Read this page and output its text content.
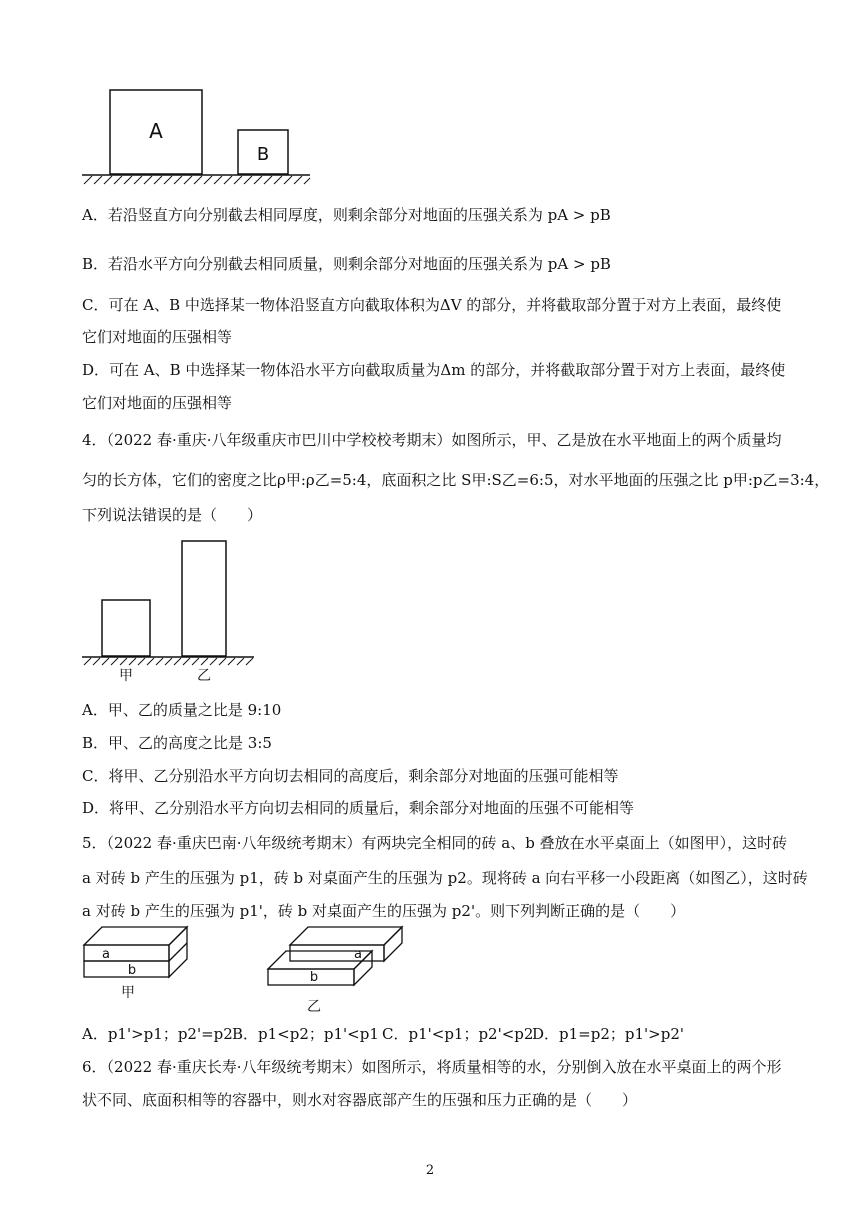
A
B
A．若沿竖直方向分别截去相同厚度，则剩余部分对地面的压强关系为 pA > pB
B．若沿水平方向分别截去相同质量，则剩余部分对地面的压强关系为 pA > pB
C．可在 A、B 中选择某一物体沿竖直方向截取体积为ΔV 的部分，并将截取部分置于对方上表面，最终使
它们对地面的压强相等
D．可在 A、B 中选择某一物体沿水平方向截取质量为Δm 的部分，并将截取部分置于对方上表面，最终使
它们对地面的压强相等
4．（2022 春·重庆·八年级重庆市巴川中学校校考期末）如图所示，甲、乙是放在水平地面上的两个质量均
匀的长方体，它们的密度之比ρ甲:ρ乙=5:4，底面积之比 S甲:S乙=6:5，对水平地面的压强之比 p甲:p乙=3:4，
下列说法错误的是（　　）
甲	乙
A．甲、乙的质量之比是 9:10
B．甲、乙的高度之比是 3:5
C．将甲、乙分别沿水平方向切去相同的高度后，剩余部分对地面的压强可能相等
D．将甲、乙分别沿水平方向切去相同的质量后，剩余部分对地面的压强不可能相等
5．（2022 春·重庆巴南·八年级统考期末）有两块完全相同的砖 a、b 叠放在水平桌面上（如图甲），这时砖
a 对砖 b 产生的压强为 p1，砖 b 对桌面产生的压强为 p2。现将砖 a 向右平移一小段距离（如图乙），这时砖
a 对砖 b 产生的压强为 p1'，砖 b 对桌面产生的压强为 p2'。则下列判断正确的是（　　）
a
b
甲
b
a
乙
A．p1'>p1；p2'=p2 B．p1<p2；p1'<p1 C．p1'<p1；p2'<p2
D．p1=p2；p1'>p2'
6．（2022 春·重庆长寿·八年级统考期末）如图所示，将质量相等的水，分别倒入放在水平桌面上的两个形
状不同、底面积相等的容器中，则水对容器底部产生的压强和压力正确的是（　　）
2
